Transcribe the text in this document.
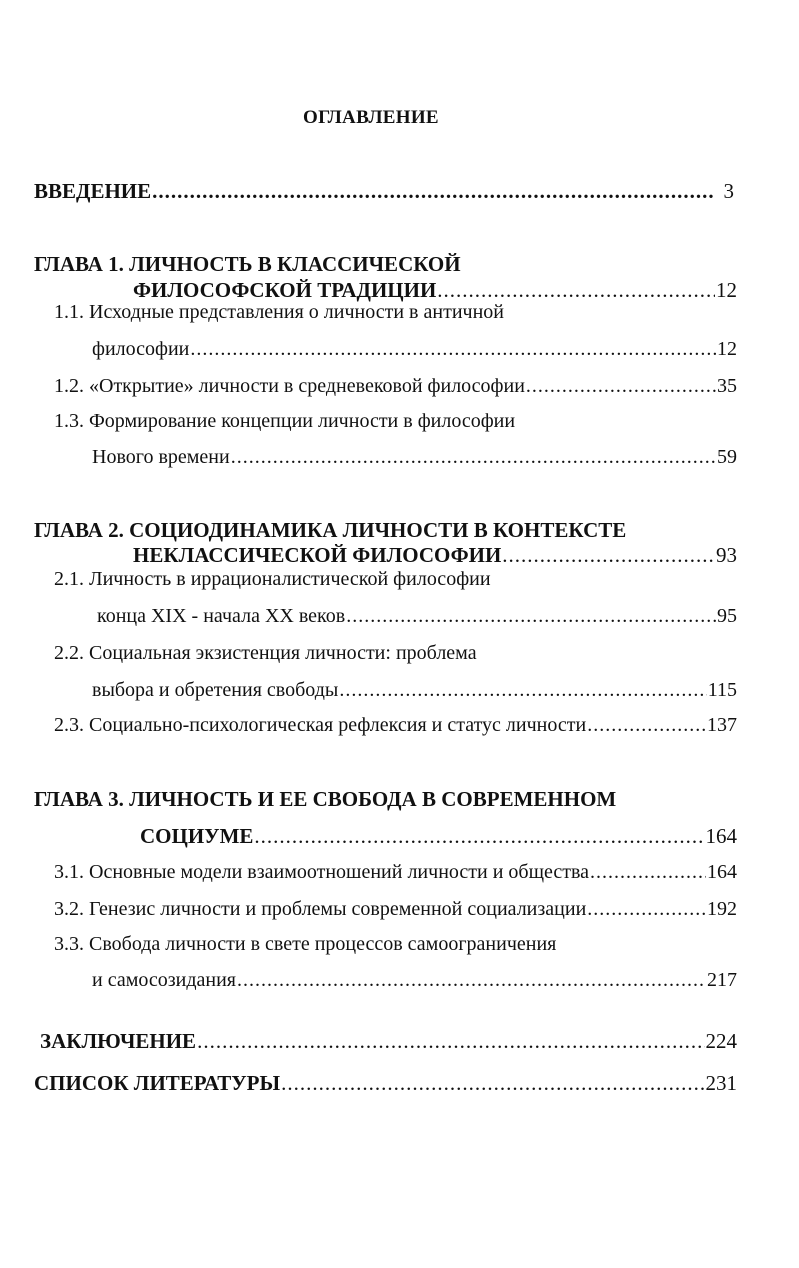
ОГЛАВЛЕНИЕ
ВВЕДЕНИЕ .....	3
ГЛАВА 1. ЛИЧНОСТЬ В КЛАССИЧЕСКОЙ
ФИЛОСОФСКОЙ ТРАДИЦИИ .....	12
1.1. Исходные представления о личности в античной
философии .....	12
1.2. «Открытие» личности в средневековой философии .....	35
1.3. Формирование концепции личности в философии
Нового времени .....	59
ГЛАВА 2. СОЦИОДИНАМИКА ЛИЧНОСТИ В КОНТЕКСТЕ
НЕКЛАССИЧЕСКОЙ ФИЛОСОФИИ .....	93
2.1. Личность в иррационалистической философии
конца XIX - начала XX веков .....	95
2.2. Социальная экзистенция личности: проблема
выбора и обретения свободы .....	115
2.3. Социально-психологическая рефлексия и статус личности .....	137
ГЛАВА 3. ЛИЧНОСТЬ И ЕЕ СВОБОДА В СОВРЕМЕННОМ
СОЦИУМЕ .....	164
3.1. Основные модели взаимоотношений личности и общества .....	164
3.2. Генезис личности и проблемы современной социализации .....	192
3.3. Свобода личности в свете процессов самоограничения
и самосозидания .....	217
ЗАКЛЮЧЕНИЕ .....	224
СПИСОК ЛИТЕРАТУРЫ .....	231
